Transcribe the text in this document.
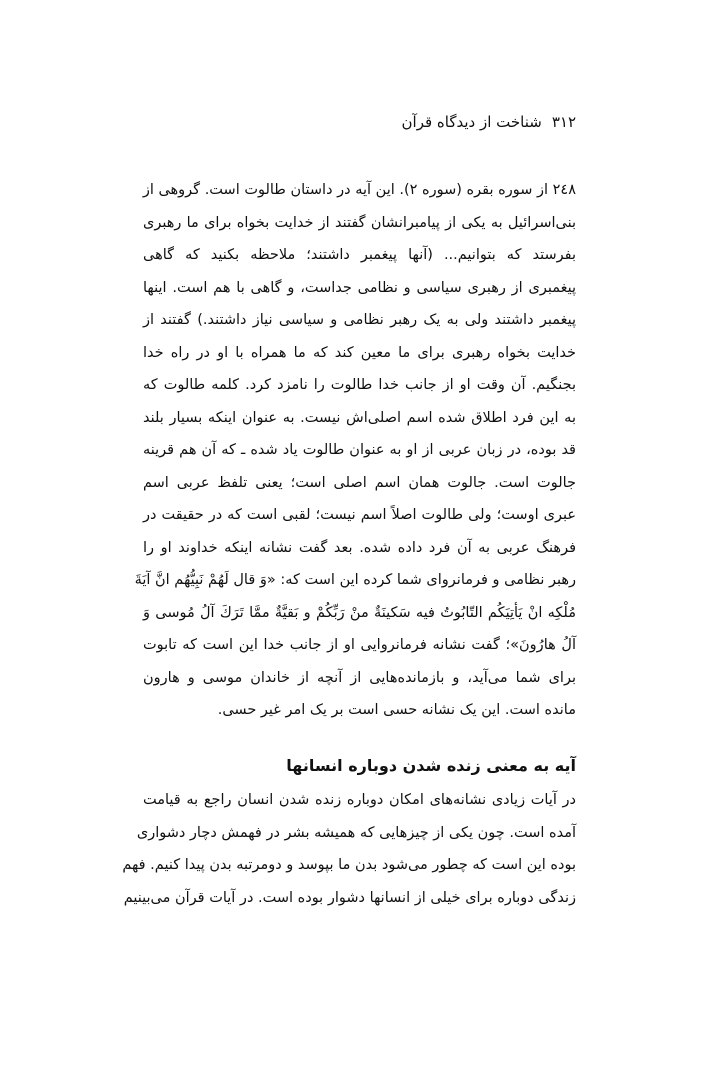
٣١٢شناخت از دیدگاه قرآن
٢٤٨ از سوره بقره (سوره ٢). این آیه در داستان طالوت است. گروهی از
بنی‌اسرائیل به یکی از پیامبرانشان گفتند از خدایت بخواه برای ما رهبری
بفرستد که بتوانیم... (آنها پیغمبر داشتند؛ ملاحظه بکنید که گاهی
پیغمبری از رهبری سیاسی و نظامی جداست، و گاهی با هم است. اینها
پیغمبر داشتند ولی به یک رهبر نظامی و سیاسی نیاز داشتند.) گفتند از
خدایت بخواه رهبری برای ما معین کند که ما همراه با او در راه خدا
بجنگیم. آن وقت او از جانب خدا طالوت را نامزد کرد. کلمه طالوت که
به این فرد اطلاق شده اسم اصلی‌اش نیست. به عنوان اینکه بسیار بلند
قد بوده، در زبان عربی از او به عنوان طالوت یاد شده ـ که آن هم قرینه
جالوت است. جالوت همان اسم اصلی است؛ یعنی تلفظ عربی اسم
عبری اوست؛ ولی طالوت اصلاً اسم نیست؛ لقبی است که در حقیقت در
فرهنگ عربی به آن فرد داده شده. بعد گفت نشانه اینکه خداوند او را
رهبر نظامی و فرمانروای شما کرده این است که: «وَ قال لَهُمْ نَبِيُّهُم انَّ آيَةَ
مُلْكِه انْ يَأتِيَكُم التّابُوتُ فيه سَكينَةٌ منْ رَبِّكُمْ و بَقيَّةٌ ممَّا تَرَكَ آلُ مُوسى وَ
آلُ هارُونَ»؛ گفت نشانه فرمانروایی او از جانب خدا این است که تابوت
برای شما می‌آید، و بازمانده‌هایی از آنچه از خاندان موسی و هارون
مانده است. این یک نشانه حسی است بر یک امر غیر حسی.
آیه به معنی زنده شدن دوباره انسانها
در آیات زیادی نشانه‌های امکان دوباره زنده شدن انسان راجع به قیامت
آمده است. چون یکی از چیزهایی که همیشه بشر در فهمش دچار دشواری
بوده این است که چطور می‌شود بدن ما بپوسد و دومرتبه بدن پیدا کنیم. فهم
زندگی دوباره برای خیلی از انسانها دشوار بوده است. در آیات قرآن می‌بینیم
